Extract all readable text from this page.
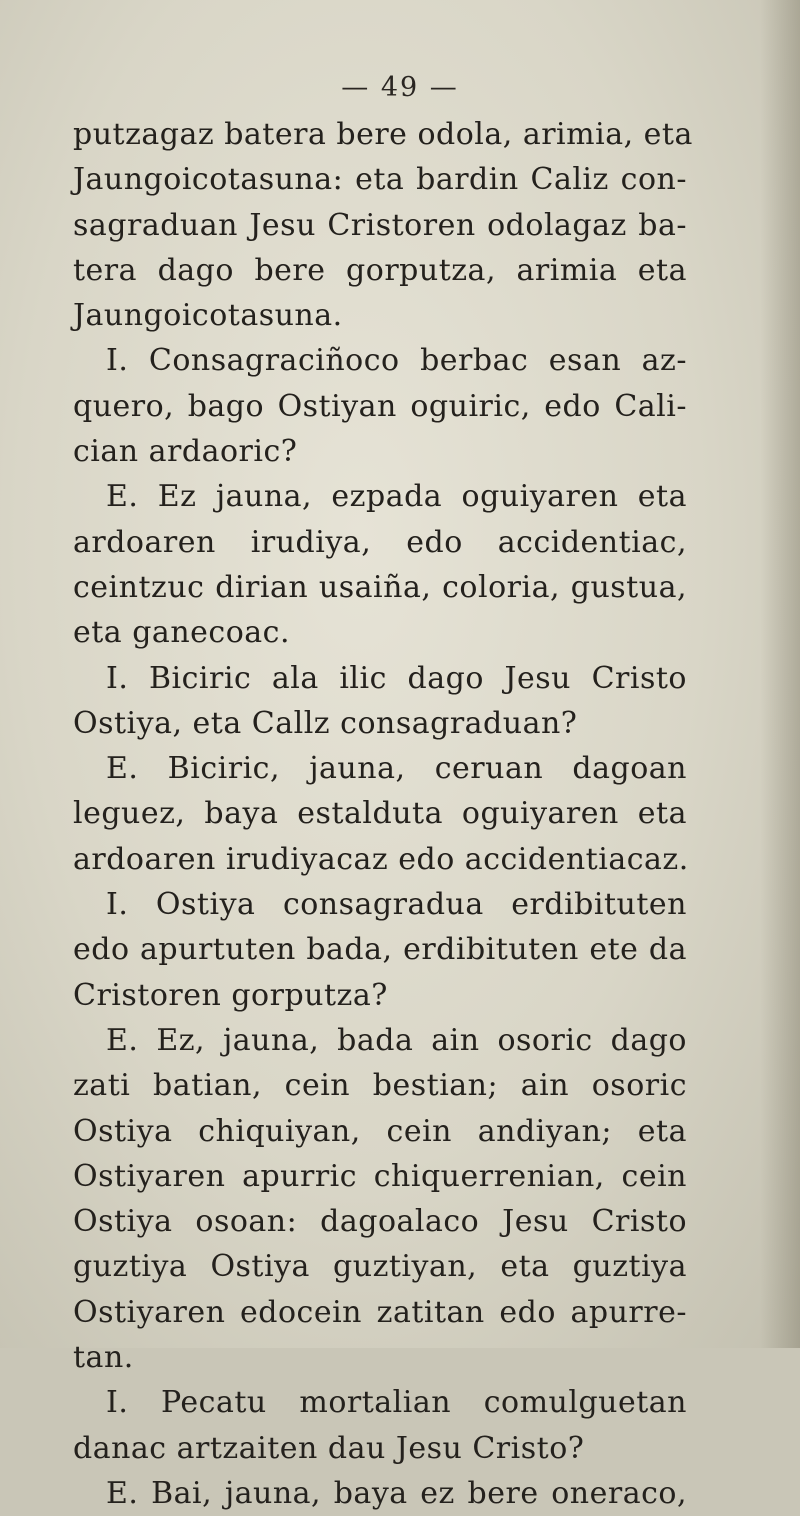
— 49 —
putzagaz batera bere odola, arimia, eta
Jaungoicotasuna: eta bardin Caliz con-
sagraduan Jesu Cristoren odolagaz ba-
tera dago bere gorputza, arimia eta
Jaungoicotasuna.
I. Consagraciñoco berbac esan az-
quero, bago Ostiyan oguiric, edo Cali-
cian ardaoric?
E. Ez jauna, ezpada oguiyaren eta
ardoaren irudiya, edo accidentiac,
ceintzuc dirian usaiña, coloria, gustua,
eta ganecoac.
I. Biciric ala ilic dago Jesu Cristo
Ostiya, eta Callz consagraduan?
E. Biciric, jauna, ceruan dagoan
leguez, baya estalduta oguiyaren eta
ardoaren irudiyacaz edo accidentiacaz.
I. Ostiya consagradua erdibituten
edo apurtuten bada, erdibituten ete da
Cristoren gorputza?
E. Ez, jauna, bada ain osoric dago
zati batian, cein bestian; ain osoric
Ostiya chiquiyan, cein andiyan; eta
Ostiyaren apurric chiquerrenian, cein
Ostiya osoan: dagoalaco Jesu Cristo
guztiya Ostiya guztiyan, eta guztiya
Ostiyaren edocein zatitan edo apurre-
tan.
I. Pecatu mortalian comulguetan
danac artzaiten dau Jesu Cristo?
E. Bai, jauna, baya ez bere oneraco,
